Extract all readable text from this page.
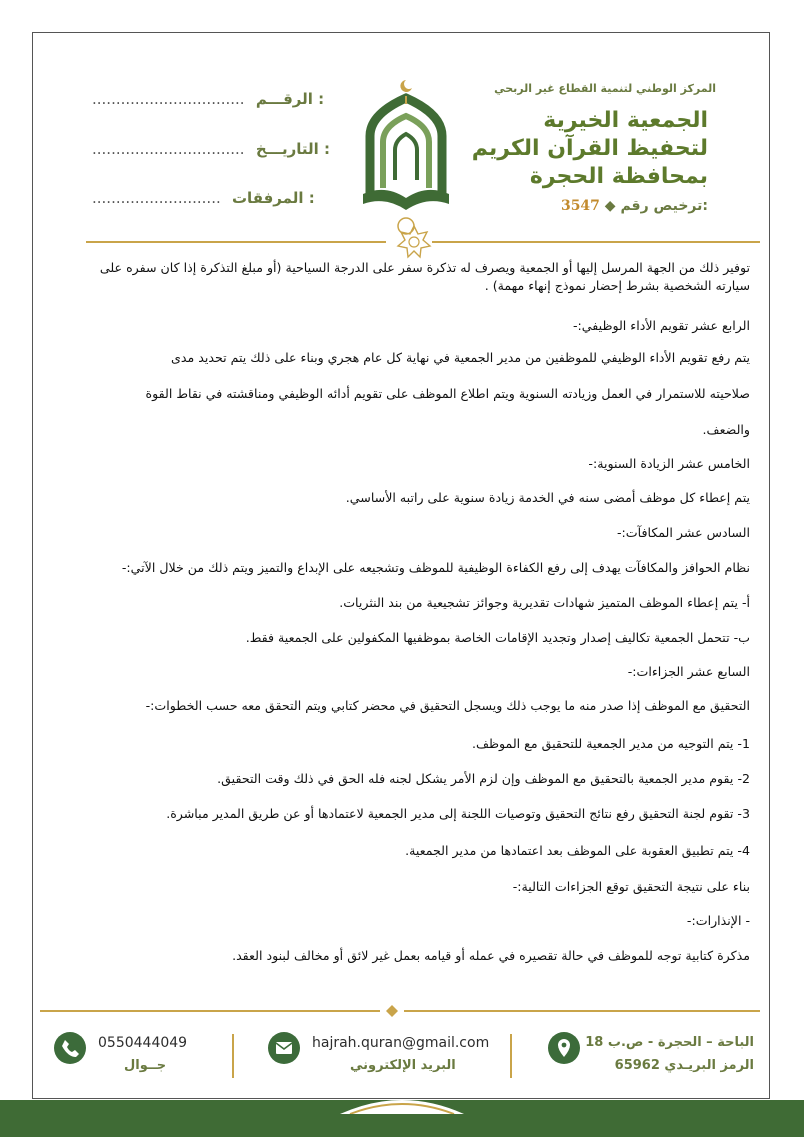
................................ الرقـــم :
................................ التاريـــخ :
........................... المرفقات :
المركز الوطني لتنمية القطاع غير الربحي
الجمعية الخيرية
لتحفيظ القرآن الكريم
بمحافظة الحجرة
3547 ◆ ترخيص رقم:
توفير ذلك من الجهة المرسل إليها أو الجمعية ويصرف له تذكرة سفر على الدرجة السياحية (أو مبلغ التذكرة إذا كان سفره على سيارته الشخصية بشرط إحضار نموذج إنهاء مهمة) .
الرابع عشر تقويم الأداء الوظيفي:-
يتم رفع تقويم الأداء الوظيفي للموظفين من مدير الجمعية في نهاية كل عام هجري وبناء على ذلك يتم تحديد مدى
صلاحيته للاستمرار في العمل وزيادته السنوية ويتم اطلاع الموظف على تقويم أدائه الوظيفي ومناقشته في نقاط القوة
والضعف.
الخامس عشر الزيادة السنوية:-
يتم إعطاء كل موظف أمضى سنه في الخدمة زيادة سنوية على راتبه الأساسي.
السادس عشر المكافآت:-
نظام الحوافز والمكافآت يهدف إلى رفع الكفاءة الوظيفية للموظف وتشجيعه على الإبداع والتميز ويتم ذلك من خلال الآتي:-
أ- يتم إعطاء الموظف المتميز شهادات تقديرية وجوائز تشجيعية من بند النثريات.
ب- تتحمل الجمعية تكاليف إصدار وتجديد الإقامات الخاصة بموظفيها المكفولين على الجمعية فقط.
السابع عشر الجزاءات:-
التحقيق مع الموظف إذا صدر منه ما يوجب ذلك ويسجل التحقيق في محضر كتابي ويتم التحقق معه حسب الخطوات:-
1- يتم التوجيه من مدير الجمعية للتحقيق مع الموظف.
2- يقوم مدير الجمعية بالتحقيق مع الموظف وإن لزم الأمر يشكل لجنه فله الحق في ذلك وقت التحقيق.
3- تقوم لجنة التحقيق رفع نتائج التحقيق وتوصيات اللجنة إلى مدير الجمعية لاعتمادها أو عن طريق المدير مباشرة.
4- يتم تطبيق العقوبة على الموظف بعد اعتمادها من مدير الجمعية.
بناء على نتيجة التحقيق توقع الجزاءات التالية:-
- الإنذارات:-
مذكرة كتابية توجه للموظف في حالة تقصيره في عمله أو قيامه بعمل غير لائق أو مخالف لبنود العقد.
0550444049
جــوال
hajrah.quran@gmail.com
البريد الإلكتروني
الباحة – الحجرة - ص.ب 18
الرمز البريـدي 65962
